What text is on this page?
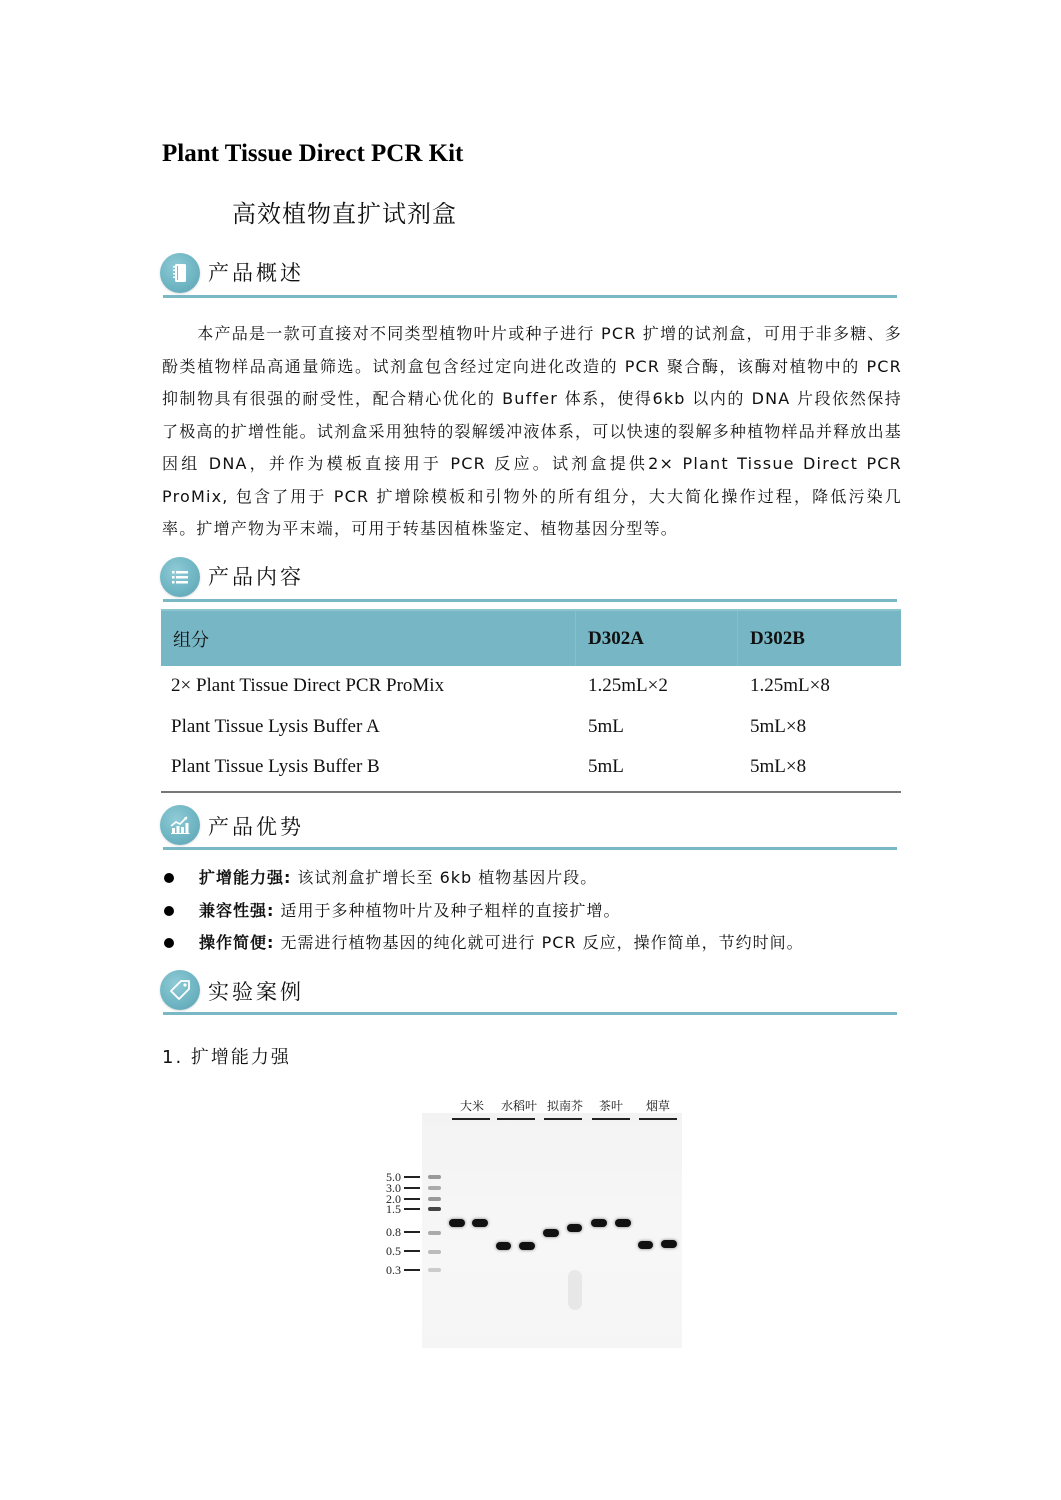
Plant Tissue Direct PCR Kit
高效植物直扩试剂盒
产品概述

本产品是一款可直接对不同类型植物叶片或种子进行 PCR 扩增的试剂盒，可用于非多糖、多酚类植物样品高通量筛选。试剂盒包含经过定向进化改造的 PCR 聚合酶，该酶对植物中的 PCR 抑制物具有很强的耐受性，配合精心优化的 Buffer 体系，使得6kb 以内的 DNA 片段依然保持了极高的扩增性能。试剂盒采用独特的裂解缓冲液体系，可以快速的裂解多种植物样品并释放出基因组 DNA，并作为模板直接用于 PCR 反应。试剂盒提供2× Plant Tissue Direct PCR ProMix, 包含了用于 PCR 扩增除模板和引物外的所有组分，大大简化操作过程，降低污染几率。扩增产物为平末端，可用于转基因植株鉴定、植物基因分型等。

产品内容
组分	D302A	D302B
2× Plant Tissue Direct PCR ProMix	1.25mL×2	1.25mL×8
Plant Tissue Lysis Buffer A	5mL	5mL×8
Plant Tissue Lysis Buffer B	5mL	5mL×8
产品优势
扩增能力强: 该试剂盒扩增长至 6kb 植物基因片段。
兼容性强: 适用于多种植物叶片及种子粗样的直接扩增。
操作简便: 无需进行植物基因的纯化就可进行 PCR 反应，操作简单，节约时间。
实验案例
1. 扩增能力强
大米	水稻叶 拟南芥	茶叶	烟草
5.0
3.0
2.0
1.5
0.8
0.5
0.3
